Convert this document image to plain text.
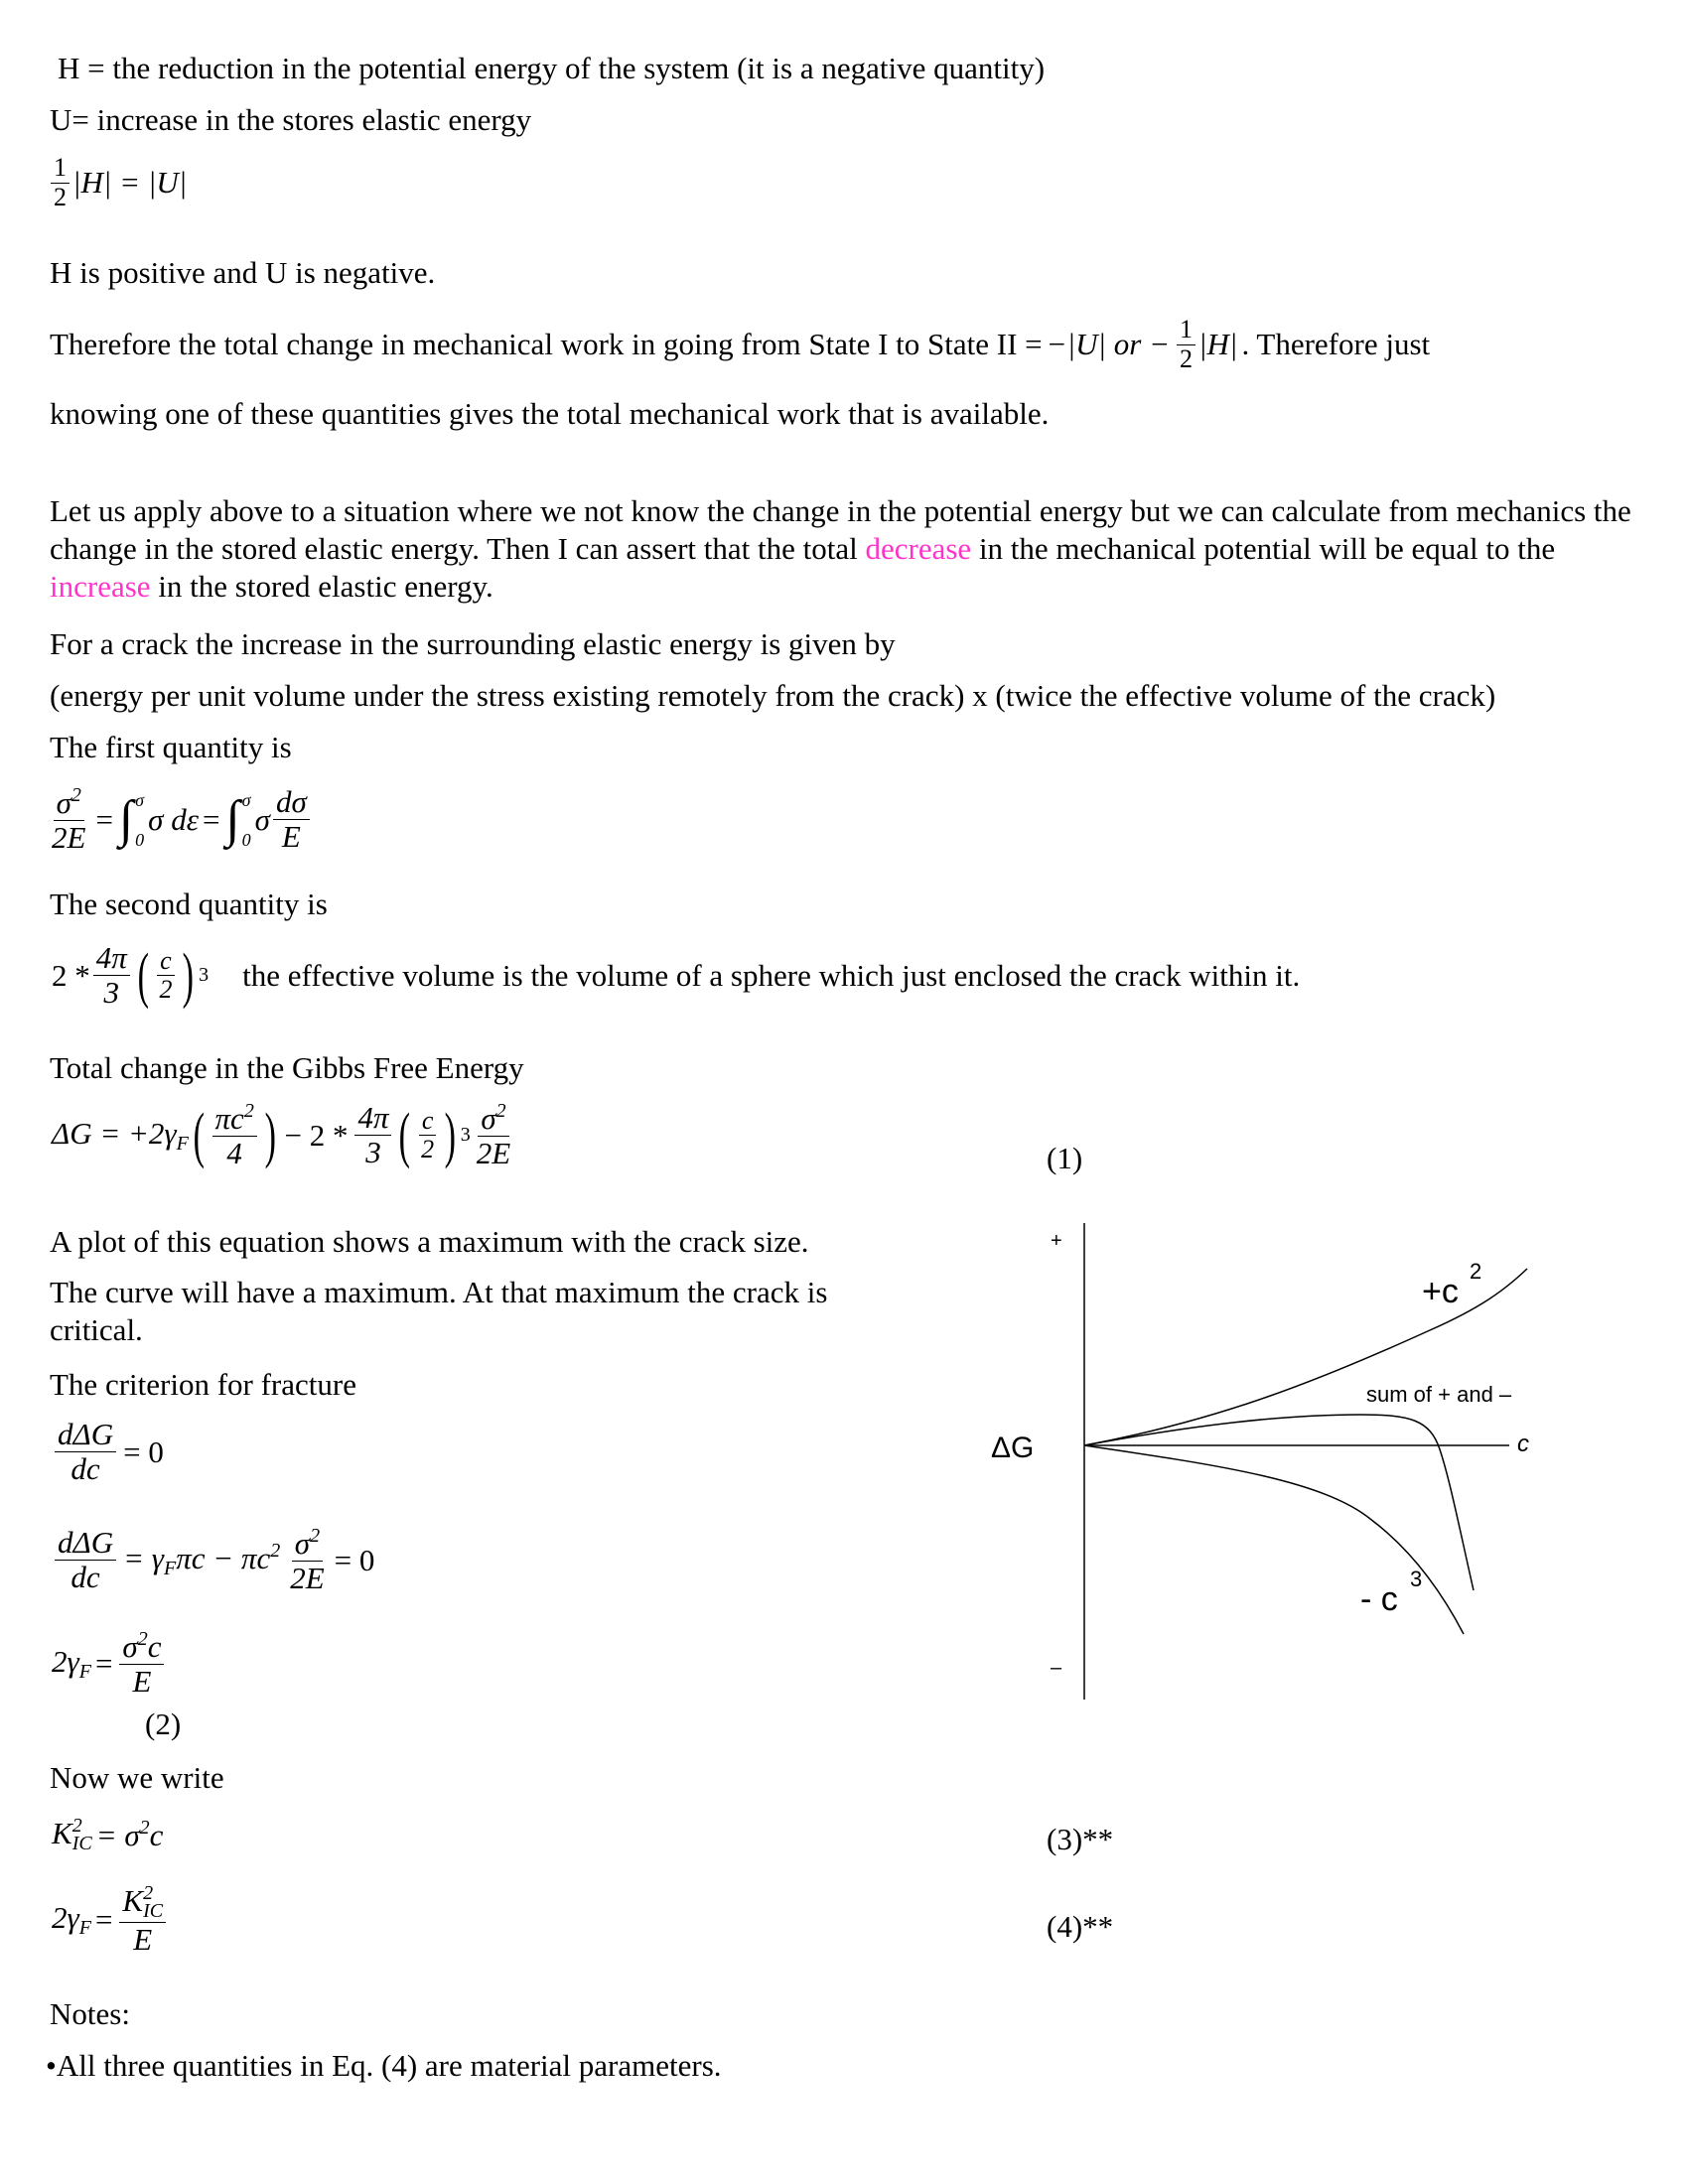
H = the reduction in the potential energy of the system (it is a negative quantity)
U= increase in the stores elastic energy
$\frac{1}{2} |H| = |U|$
H is positive and U is negative.
Therefore the total change in mechanical work in going from State I to State II = −|U| or − $\frac{1}{2} |H|$ . Therefore just
knowing one of these quantities gives the total mechanical work that is available.
Let us apply above to a situation where we not know the change in the potential energy but we can calculate from mechanics the change in the stored elastic energy. Then I can assert that the total decrease in the mechanical potential will be equal to the increase in the stored elastic energy.
For a crack the increase in the surrounding elastic energy is given by
(energy per unit volume under the stress existing remotely from the crack) x (twice the effective volume of the crack)
The first quantity is
$\frac{\sigma^2}{2E}$ = ∫ σ
0
σ dε = ∫ σ
0
σ $\frac{d\sigma}{E}$
The second quantity is
$2 * \frac{4\pi}{3}$ ( $\frac{c}{2}$ ) 3 the effective volume is the volume of a sphere which just enclosed the crack within it.
Total change in the Gibbs Free Energy
$\Delta G = +2\gamma_F$ ( $\frac{\pi c^2}{4}$ ) − $2 * \frac{4\pi}{3}$ ( $\frac{c}{2}$ ) $3 \frac{\sigma^2}{2E}$	(1)
A plot of this equation shows a maximum with the crack size.
The curve will have a maximum. At that maximum the crack is critical.
The criterion for fracture
$\frac{\text{dΔG}}{dc} = 0$
$\frac{\text{dΔG}}{dc} = \gamma_F\pi c - \pi c^2 \frac{\sigma^2}{2E} = 0$
$2\gamma_F = \frac{\sigma^2c}{E}$
(2)
Now we write
$K^2_{IC} = \sigma^2c$	(3)**
$2\gamma_F = \frac{K^2_{IC}}{E}$	(4)**
Notes:
•All three quantities in Eq. (4) are material parameters.
+
–
ΔG	c
+c
2
sum of + and –
- c
3
